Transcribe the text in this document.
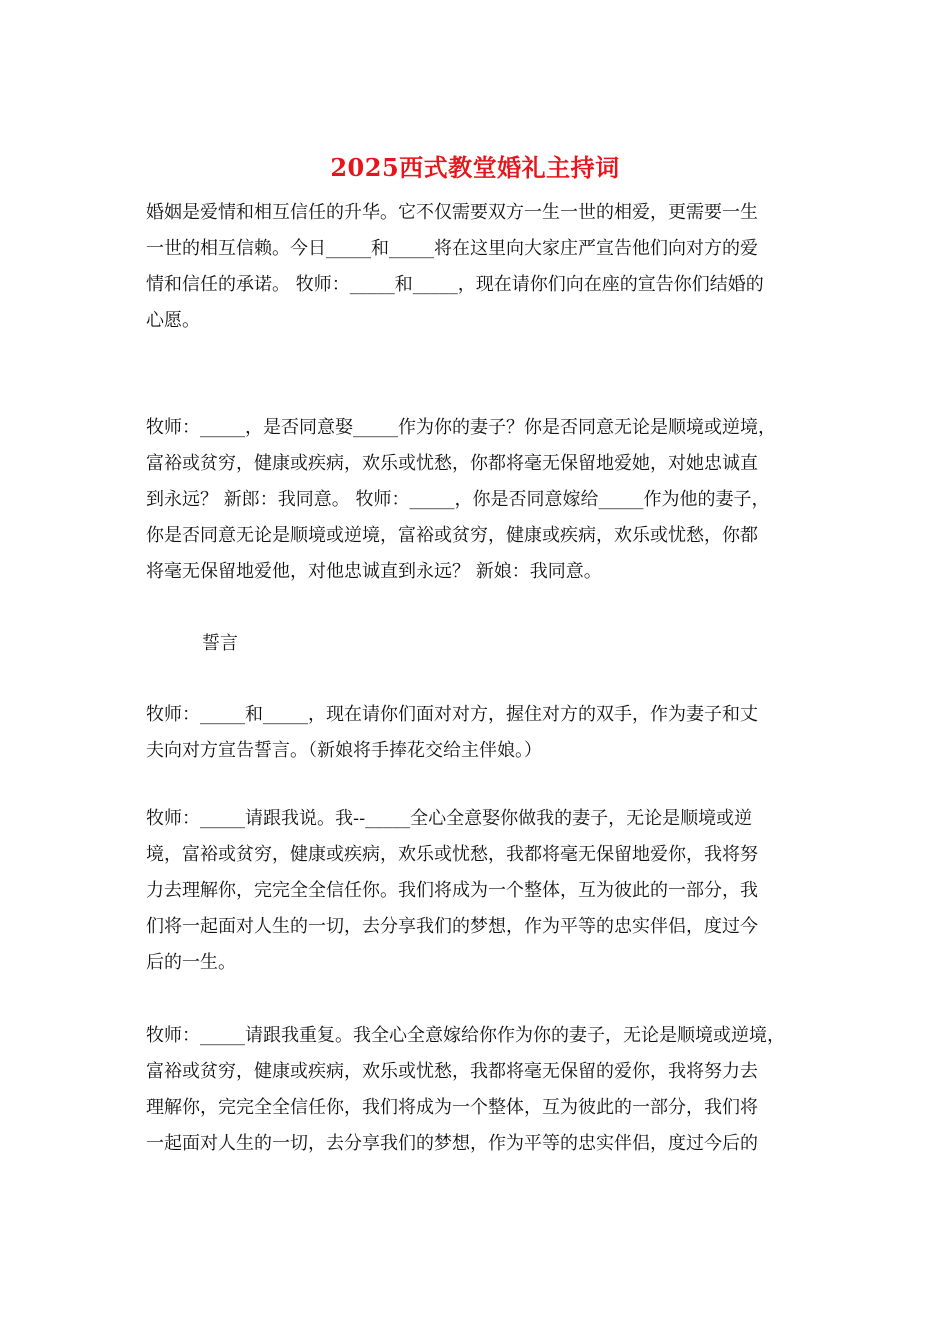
2025西式教堂婚礼主持词
婚姻是爱情和相互信任的升华。它不仅需要双方一生一世的相爱，更需要一生
一世的相互信赖。今日_____和_____将在这里向大家庄严宣告他们向对方的爱
情和信任的承诺。 牧师：_____和_____，现在请你们向在座的宣告你们结婚的
心愿。
牧师：_____，是否同意娶_____作为你的妻子？你是否同意无论是顺境或逆境，
富裕或贫穷，健康或疾病，欢乐或忧愁，你都将毫无保留地爱她，对她忠诚直
到永远？ 新郎：我同意。 牧师：_____，你是否同意嫁给_____作为他的妻子，
你是否同意无论是顺境或逆境，富裕或贫穷，健康或疾病，欢乐或忧愁，你都
将毫无保留地爱他，对他忠诚直到永远？ 新娘：我同意。
誓言
牧师：_____和_____，现在请你们面对对方，握住对方的双手，作为妻子和丈
夫向对方宣告誓言。（新娘将手捧花交给主伴娘。）
牧师：_____请跟我说。我--_____全心全意娶你做我的妻子，无论是顺境或逆
境，富裕或贫穷，健康或疾病，欢乐或忧愁，我都将毫无保留地爱你，我将努
力去理解你，完完全全信任你。我们将成为一个整体，互为彼此的一部分，我
们将一起面对人生的一切，去分享我们的梦想，作为平等的忠实伴侣，度过今
后的一生。
牧师：_____请跟我重复。我全心全意嫁给你作为你的妻子，无论是顺境或逆境，
富裕或贫穷，健康或疾病，欢乐或忧愁，我都将毫无保留的爱你，我将努力去
理解你，完完全全信任你，我们将成为一个整体，互为彼此的一部分，我们将
一起面对人生的一切，去分享我们的梦想，作为平等的忠实伴侣，度过今后的
